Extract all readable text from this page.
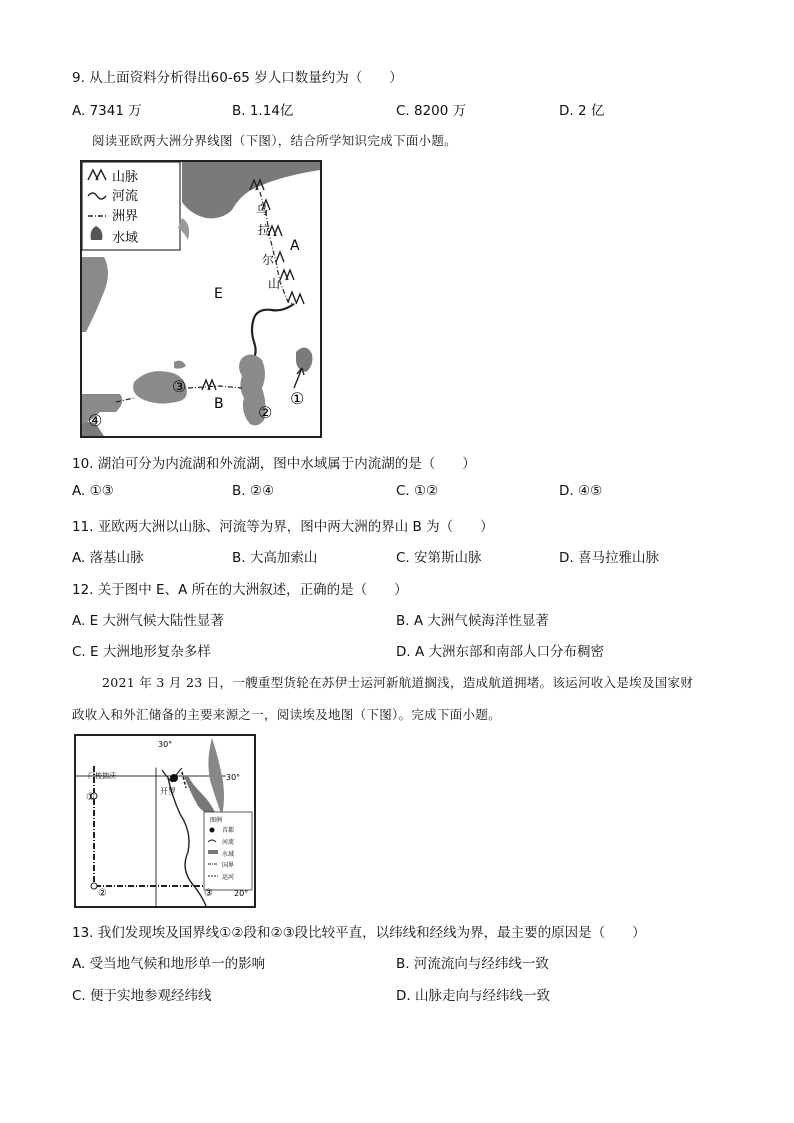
9. 从上面资料分析得出60-65 岁人口数量约为（　　）
A. 7341 万	B. 1.14亿	C. 8200 万	D. 2 亿
阅读亚欧两大洲分界线图（下图），结合所学知识完成下面小题。
山脉
河流
洲界
水域
E
A
B
乌
拉
尔
山
①
②
③
④
10. 湖泊可分为内流湖和外流湖，图中水域属于内流湖的是（　　）
A. ①③	B. ②④	C. ①②	D. ④⑤
11. 亚欧两大洲以山脉、河流等为界，图中两大洲的界山 B 为（　　）
A. 落基山脉	B. 大高加索山	C. 安第斯山脉	D. 喜马拉雅山脉
12. 关于图中 E、A 所在的大洲叙述，正确的是（　　）
A. E 大洲气候大陆性显著	B. A 大洲气候海洋性显著
C. E 大洲地形复杂多样	D. A 大洲东部和南部人口分布稠密
2021 年 3 月 23 日，一艘重型货轮在苏伊士运河新航道搁浅，造成航道拥堵。该运河收入是埃及国家财
政收入和外汇储备的主要来源之一，阅读埃及地图（下图）。完成下面小题。
图例
首都
河流
水域
国界
运河
30°
30°
20°
开罗
门梭揣沃
①
②	③
13. 我们发现埃及国界线①②段和②③段比较平直，以纬线和经线为界，最主要的原因是（　　）
A. 受当地气候和地形单一的影响	B. 河流流向与经纬线一致
C. 便于实地参观经纬线	D. 山脉走向与经纬线一致
